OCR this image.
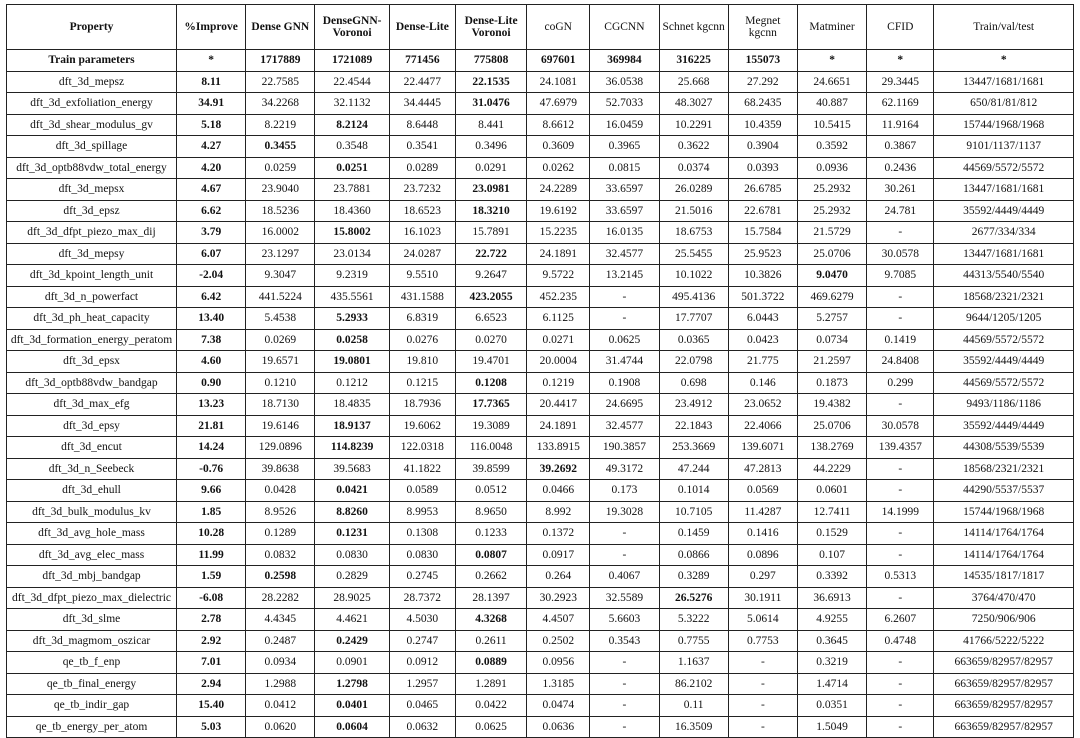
Property	%Improve	Dense GNN	DenseGNN-Voronoi	Dense-Lite	Dense-Lite Voronoi	coGN	CGCNN	Schnet kgcnn	Megnet kgcnn	Matminer	CFID	Train/val/test
Train parameters	*	1717889	1721089	771456	775808	697601	369984	316225	155073	*	*	*
dft_3d_mepsz	8.11	22.7585	22.4544	22.4477	22.1535	24.1081	36.0538	25.668	27.292	24.6651	29.3445	13447/1681/1681
dft_3d_exfoliation_energy	34.91	34.2268	32.1132	34.4445	31.0476	47.6979	52.7033	48.3027	68.2435	40.887	62.1169	650/81/81/812
dft_3d_shear_modulus_gv	5.18	8.2219	8.2124	8.6448	8.441	8.6612	16.0459	10.2291	10.4359	10.5415	11.9164	15744/1968/1968
dft_3d_spillage	4.27	0.3455	0.3548	0.3541	0.3496	0.3609	0.3965	0.3622	0.3904	0.3592	0.3867	9101/1137/1137
dft_3d_optb88vdw_total_energy	4.20	0.0259	0.0251	0.0289	0.0291	0.0262	0.0815	0.0374	0.0393	0.0936	0.2436	44569/5572/5572
dft_3d_mepsx	4.67	23.9040	23.7881	23.7232	23.0981	24.2289	33.6597	26.0289	26.6785	25.2932	30.261	13447/1681/1681
dft_3d_epsz	6.62	18.5236	18.4360	18.6523	18.3210	19.6192	33.6597	21.5016	22.6781	25.2932	24.781	35592/4449/4449
dft_3d_dfpt_piezo_max_dij	3.79	16.0002	15.8002	16.1023	15.7891	15.2235	16.0135	18.6753	15.7584	21.5729	-	2677/334/334
dft_3d_mepsy	6.07	23.1297	23.0134	24.0287	22.722	24.1891	32.4577	25.5455	25.9523	25.0706	30.0578	13447/1681/1681
dft_3d_kpoint_length_unit	-2.04	9.3047	9.2319	9.5510	9.2647	9.5722	13.2145	10.1022	10.3826	9.0470	9.7085	44313/5540/5540
dft_3d_n_powerfact	6.42	441.5224	435.5561	431.1588	423.2055	452.235	-	495.4136	501.3722	469.6279	-	18568/2321/2321
dft_3d_ph_heat_capacity	13.40	5.4538	5.2933	6.8319	6.6523	6.1125	-	17.7707	6.0443	5.2757	-	9644/1205/1205
dft_3d_formation_energy_peratom	7.38	0.0269	0.0258	0.0276	0.0270	0.0271	0.0625	0.0365	0.0423	0.0734	0.1419	44569/5572/5572
dft_3d_epsx	4.60	19.6571	19.0801	19.810	19.4701	20.0004	31.4744	22.0798	21.775	21.2597	24.8408	35592/4449/4449
dft_3d_optb88vdw_bandgap	0.90	0.1210	0.1212	0.1215	0.1208	0.1219	0.1908	0.698	0.146	0.1873	0.299	44569/5572/5572
dft_3d_max_efg	13.23	18.7130	18.4835	18.7936	17.7365	20.4417	24.6695	23.4912	23.0652	19.4382	-	9493/1186/1186
dft_3d_epsy	21.81	19.6146	18.9137	19.6062	19.3089	24.1891	32.4577	22.1843	22.4066	25.0706	30.0578	35592/4449/4449
dft_3d_encut	14.24	129.0896	114.8239	122.0318	116.0048	133.8915	190.3857	253.3669	139.6071	138.2769	139.4357	44308/5539/5539
dft_3d_n_Seebeck	-0.76	39.8638	39.5683	41.1822	39.8599	39.2692	49.3172	47.244	47.2813	44.2229	-	18568/2321/2321
dft_3d_ehull	9.66	0.0428	0.0421	0.0589	0.0512	0.0466	0.173	0.1014	0.0569	0.0601	-	44290/5537/5537
dft_3d_bulk_modulus_kv	1.85	8.9526	8.8260	8.9953	8.9650	8.992	19.3028	10.7105	11.4287	12.7411	14.1999	15744/1968/1968
dft_3d_avg_hole_mass	10.28	0.1289	0.1231	0.1308	0.1233	0.1372	-	0.1459	0.1416	0.1529	-	14114/1764/1764
dft_3d_avg_elec_mass	11.99	0.0832	0.0830	0.0830	0.0807	0.0917	-	0.0866	0.0896	0.107	-	14114/1764/1764
dft_3d_mbj_bandgap	1.59	0.2598	0.2829	0.2745	0.2662	0.264	0.4067	0.3289	0.297	0.3392	0.5313	14535/1817/1817
dft_3d_dfpt_piezo_max_dielectric	-6.08	28.2282	28.9025	28.7372	28.1397	30.2923	32.5589	26.5276	30.1911	36.6913	-	3764/470/470
dft_3d_slme	2.78	4.4345	4.4621	4.5030	4.3268	4.4507	5.6603	5.3222	5.0614	4.9255	6.2607	7250/906/906
dft_3d_magmom_oszicar	2.92	0.2487	0.2429	0.2747	0.2611	0.2502	0.3543	0.7755	0.7753	0.3645	0.4748	41766/5222/5222
qe_tb_f_enp	7.01	0.0934	0.0901	0.0912	0.0889	0.0956	-	1.1637	-	0.3219	-	663659/82957/82957
qe_tb_final_energy	2.94	1.2988	1.2798	1.2957	1.2891	1.3185	-	86.2102	-	1.4714	-	663659/82957/82957
qe_tb_indir_gap	15.40	0.0412	0.0401	0.0465	0.0422	0.0474	-	0.11	-	0.0351	-	663659/82957/82957
qe_tb_energy_per_atom	5.03	0.0620	0.0604	0.0632	0.0625	0.0636	-	16.3509	-	1.5049	-	663659/82957/82957
